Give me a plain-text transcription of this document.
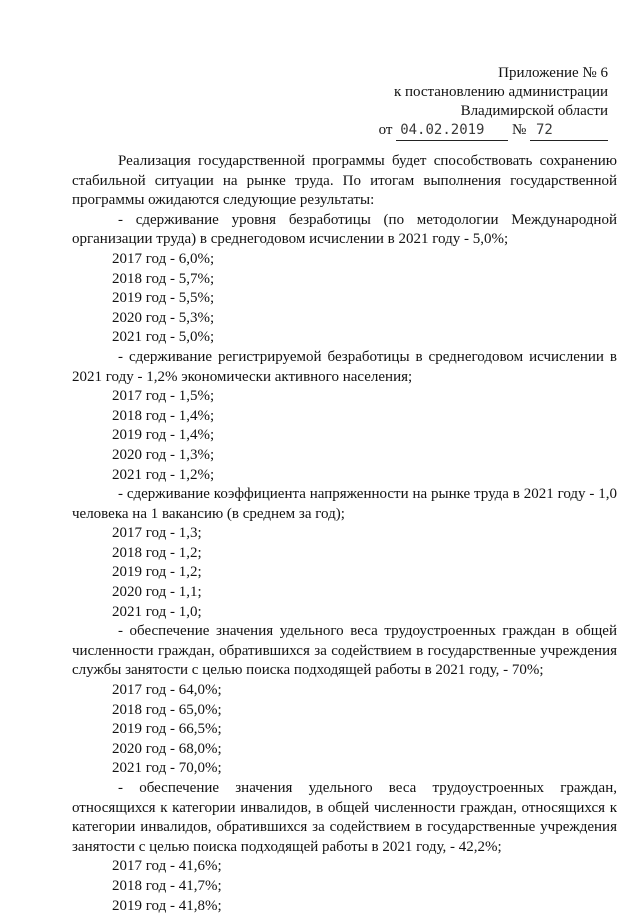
Приложение № 6
к постановлению администрации
Владимирской области
от 04.02.2019 № 72

Реализация государственной программы будет способствовать сохранению стабильной ситуации на рынке труда. По итогам выполнения государственной программы ожидаются следующие результаты:

- сдерживание уровня безработицы (по методологии Международной организации труда) в среднегодовом исчислении в 2021 году - 5,0%;

2017 год - 6,0%;

2018 год - 5,7%;

2019 год - 5,5%;

2020 год - 5,3%;

2021 год - 5,0%;

- сдерживание регистрируемой безработицы в среднегодовом исчислении в 2021 году - 1,2% экономически активного населения;

2017 год - 1,5%;

2018 год - 1,4%;

2019 год - 1,4%;

2020 год - 1,3%;

2021 год - 1,2%;

- сдерживание коэффициента напряженности на рынке труда в 2021 году - 1,0 человека на 1 вакансию (в среднем за год);

2017 год - 1,3;

2018 год - 1,2;

2019 год - 1,2;

2020 год - 1,1;

2021 год - 1,0;

- обеспечение значения удельного веса трудоустроенных граждан в общей численности граждан, обратившихся за содействием в государственные учреждения службы занятости с целью поиска подходящей работы в 2021 году, - 70%;

2017 год - 64,0%;

2018 год - 65,0%;

2019 год - 66,5%;

2020 год - 68,0%;

2021 год - 70,0%;

- обеспечение значения удельного веса трудоустроенных граждан, относящихся к категории инвалидов, в общей численности граждан, относящихся к категории инвалидов, обратившихся за содействием в государственные учреждения занятости с целью поиска подходящей работы в 2021 году, - 42,2%;

2017 год - 41,6%;

2018 год - 41,7%;

2019 год - 41,8%;
